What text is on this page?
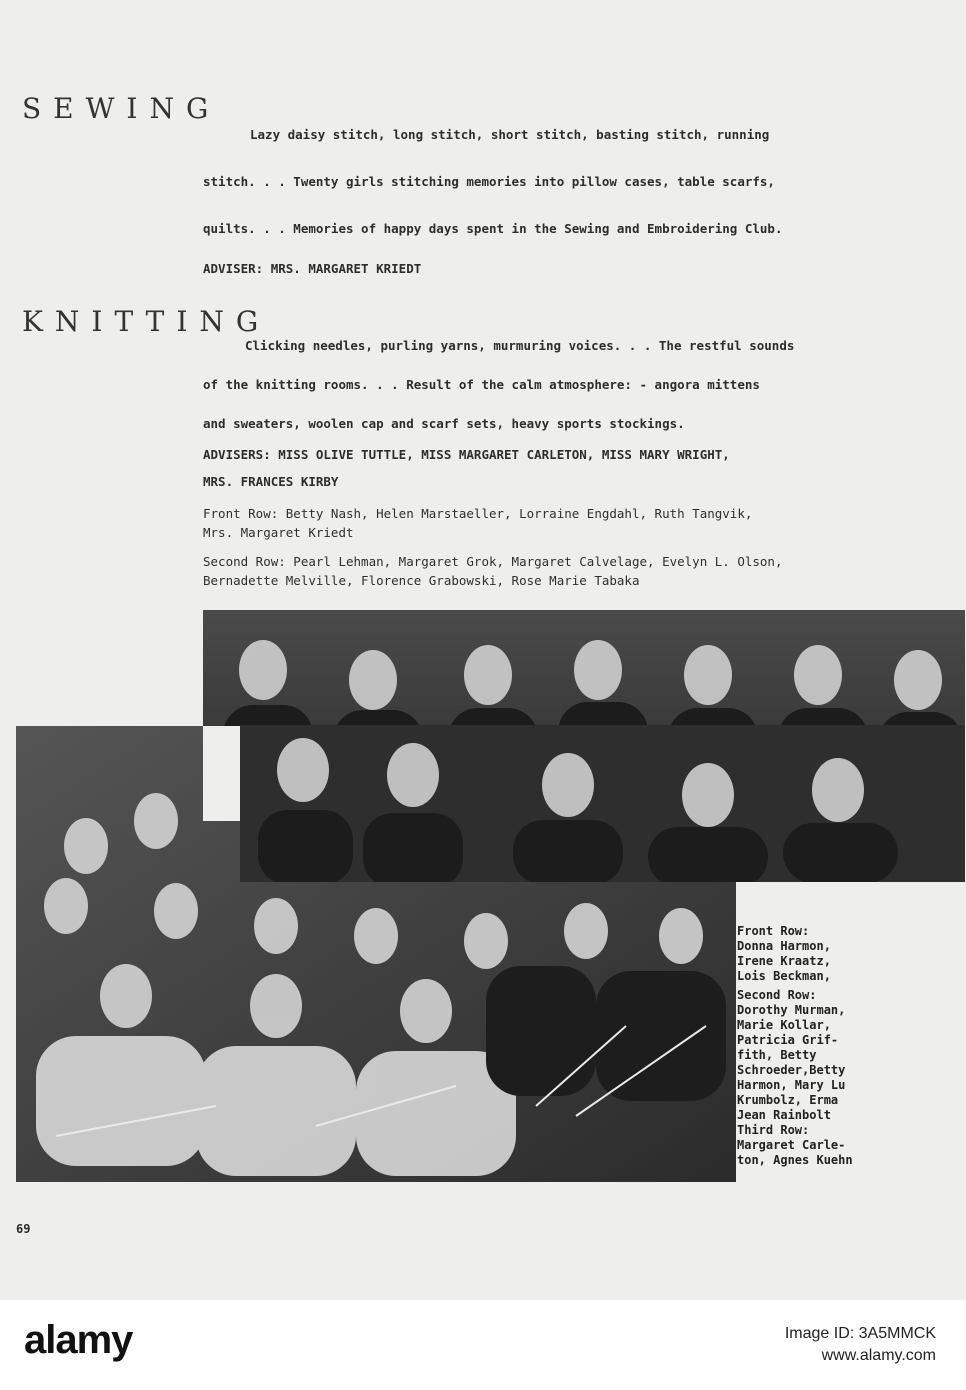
SEWING
Lazy daisy stitch, long stitch, short stitch, basting stitch, running
stitch. . . Twenty girls stitching memories into pillow cases, table scarfs,
quilts. . . Memories of happy days spent in the Sewing and Embroidering Club.
ADVISER: MRS. MARGARET KRIEDT
KNITTING
Clicking needles, purling yarns, murmuring voices. . . The restful sounds
of the knitting rooms. . . Result of the calm atmosphere: - angora mittens
and sweaters, woolen cap and scarf sets, heavy sports stockings.
ADVISERS: MISS OLIVE TUTTLE, MISS MARGARET CARLETON, MISS MARY WRIGHT,
MRS. FRANCES KIRBY
Front Row: Betty Nash, Helen Marstaeller, Lorraine Engdahl, Ruth Tangvik,
Mrs. Margaret Kriedt
Second Row: Pearl Lehman, Margaret Grok, Margaret Calvelage, Evelyn L. Olson,
Bernadette Melville, Florence Grabowski, Rose Marie Tabaka
Front Row:
Donna Harmon,
Irene Kraatz,
Lois Beckman,
Second Row:
Dorothy Murman,
Marie Kollar,
Patricia Grif-
fith, Betty
Schroeder,Betty
Harmon, Mary Lu
Krumbolz, Erma
Jean Rainbolt
Third Row:
Margaret Carle-
ton, Agnes Kuehn
69
alamy	Image ID: 3A5MMCK
www.alamy.com
